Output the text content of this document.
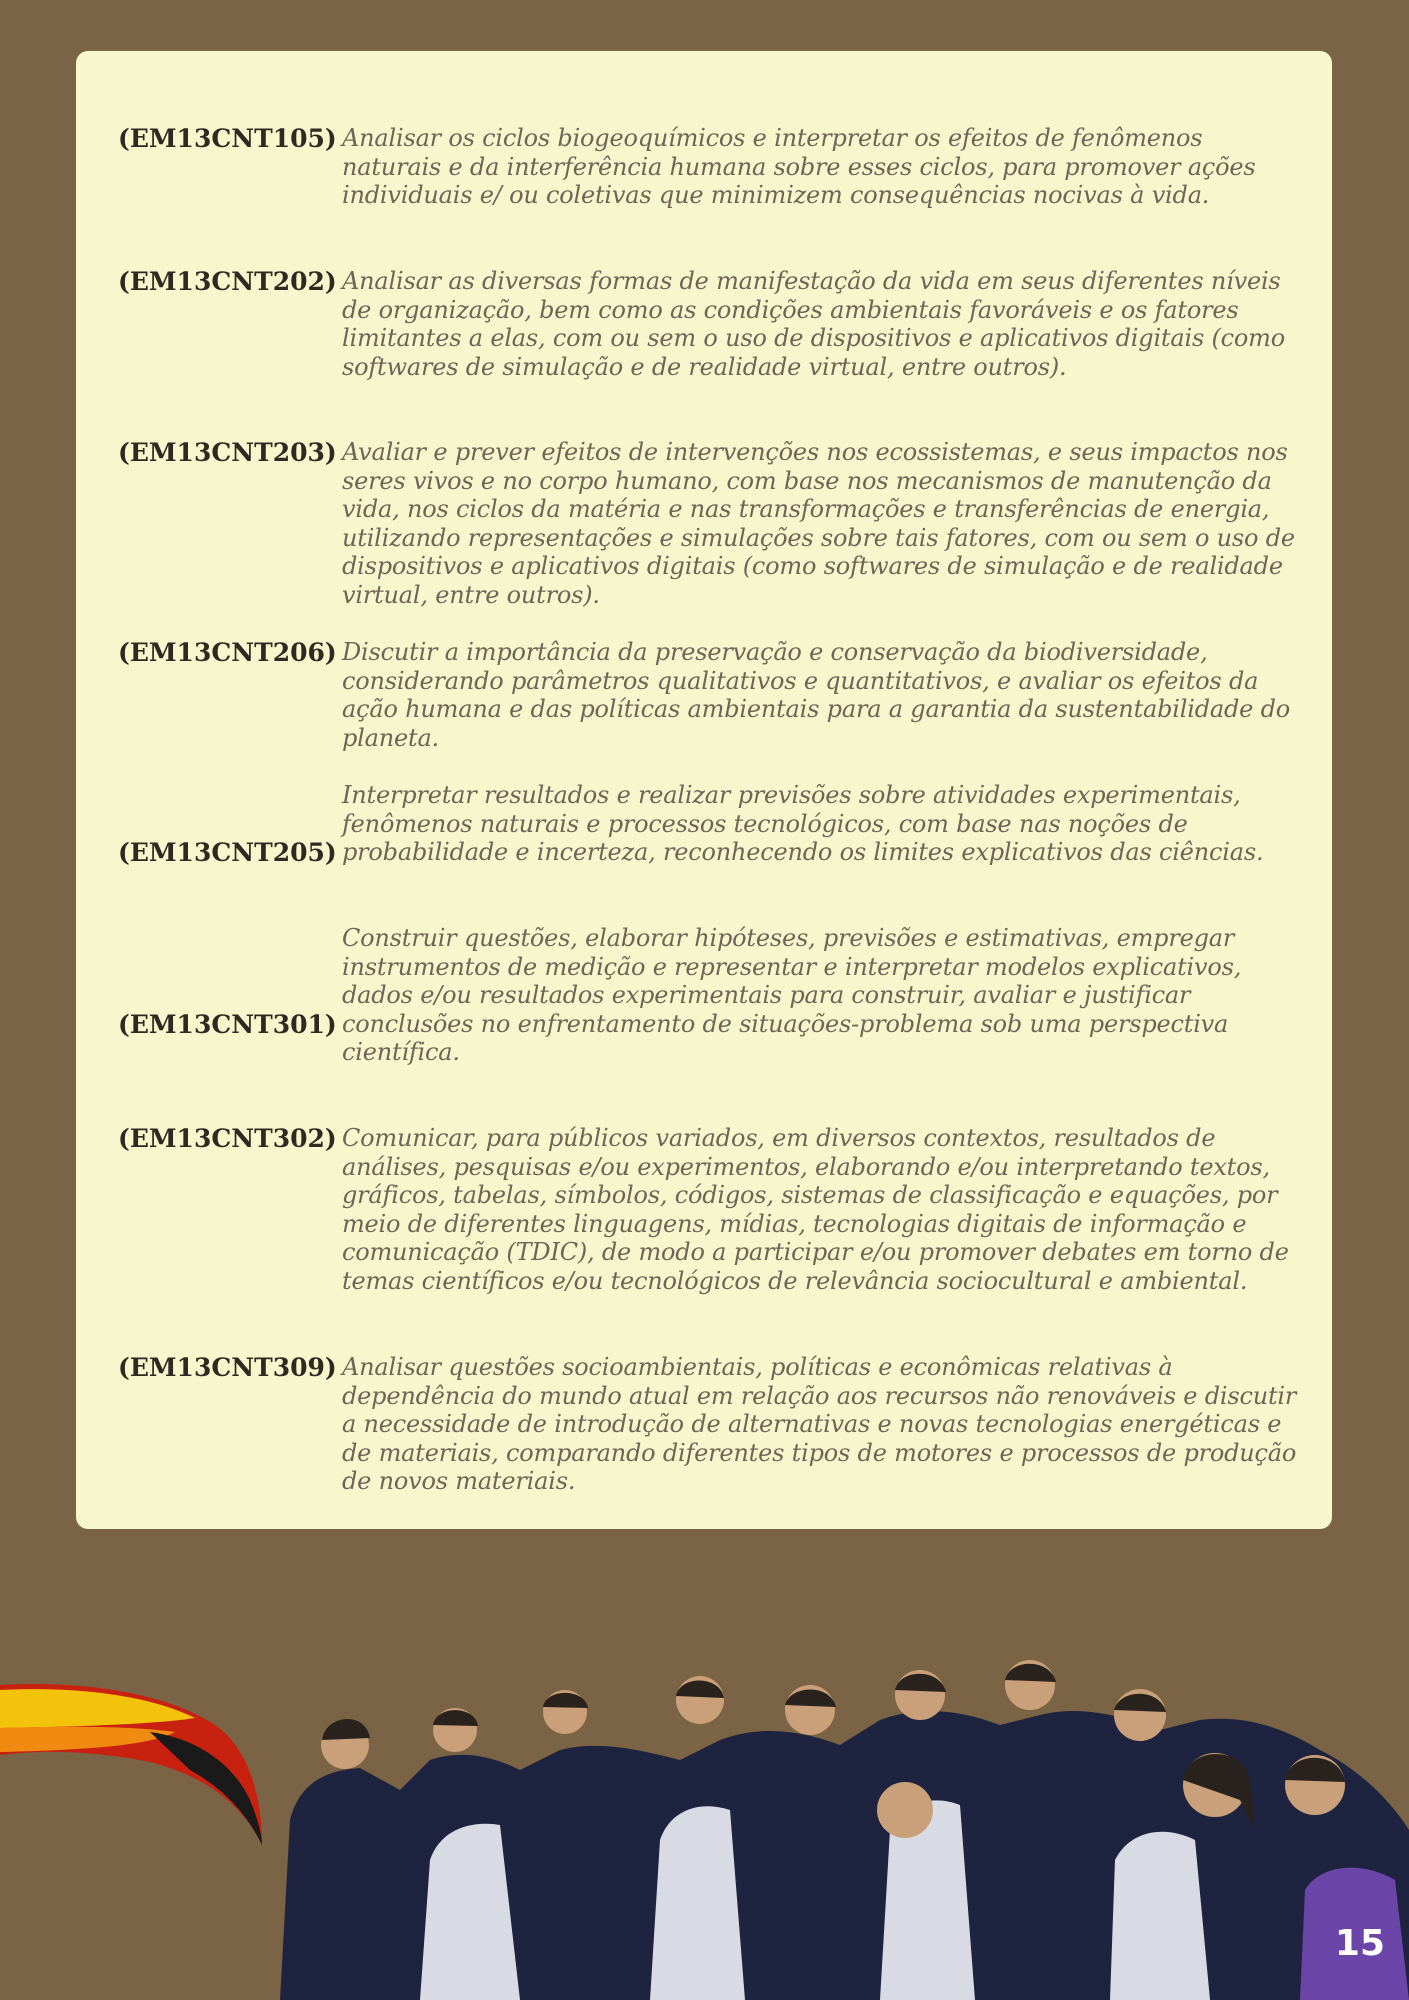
(EM13CNT105) Analisar os ciclos biogeoquímicos e interpretar os efeitos de fenômenos naturais e da interferência humana sobre esses ciclos, para promover ações individuais e/ ou coletivas que minimizem consequências nocivas à vida.
(EM13CNT202) Analisar as diversas formas de manifestação da vida em seus diferentes níveis de organização, bem como as condições ambientais favoráveis e os fatores limitantes a elas, com ou sem o uso de dispositivos e aplicativos digitais (como softwares de simulação e de realidade virtual, entre outros).
(EM13CNT203) Avaliar e prever efeitos de intervenções nos ecossistemas, e seus impactos nos seres vivos e no corpo humano, com base nos mecanismos de manutenção da vida, nos ciclos da matéria e nas transformações e transferências de energia, utilizando representações e simulações sobre tais fatores, com ou sem o uso de dispositivos e aplicativos digitais (como softwares de simulação e de realidade virtual, entre outros).
(EM13CNT206) Discutir a importância da preservação e conservação da biodiversidade, considerando parâmetros qualitativos e quantitativos, e avaliar os efeitos da ação humana e das políticas ambientais para a garantia da sustentabilidade do planeta.
(EM13CNT205)
Interpretar resultados e realizar previsões sobre atividades experimentais, fenômenos naturais e processos tecnológicos, com base nas noções de probabilidade e incerteza, reconhecendo os limites explicativos das ciências.
(EM13CNT301)
Construir questões, elaborar hipóteses, previsões e estimativas, empregar instrumentos de medição e representar e interpretar modelos explicativos, dados e/ou resultados experimentais para construir, avaliar e justificar conclusões no enfrentamento de situações-problema sob uma perspectiva científica.
(EM13CNT302) Comunicar, para públicos variados, em diversos contextos, resultados de análises, pesquisas e/ou experimentos, elaborando e/ou interpretando textos, gráficos, tabelas, símbolos, códigos, sistemas de classificação e equações, por meio de diferentes linguagens, mídias, tecnologias digitais de informação e comunicação (TDIC), de modo a participar e/ou promover debates em torno de temas científicos e/ou tecnológicos de relevância sociocultural e ambiental.
(EM13CNT309) Analisar questões socioambientais, políticas e econômicas relativas à dependência do mundo atual em relação aos recursos não renováveis e discutir a necessidade de introdução de alternativas e novas tecnologias energéticas e de materiais, comparando diferentes tipos de motores e processos de produção de novos materiais.
15
